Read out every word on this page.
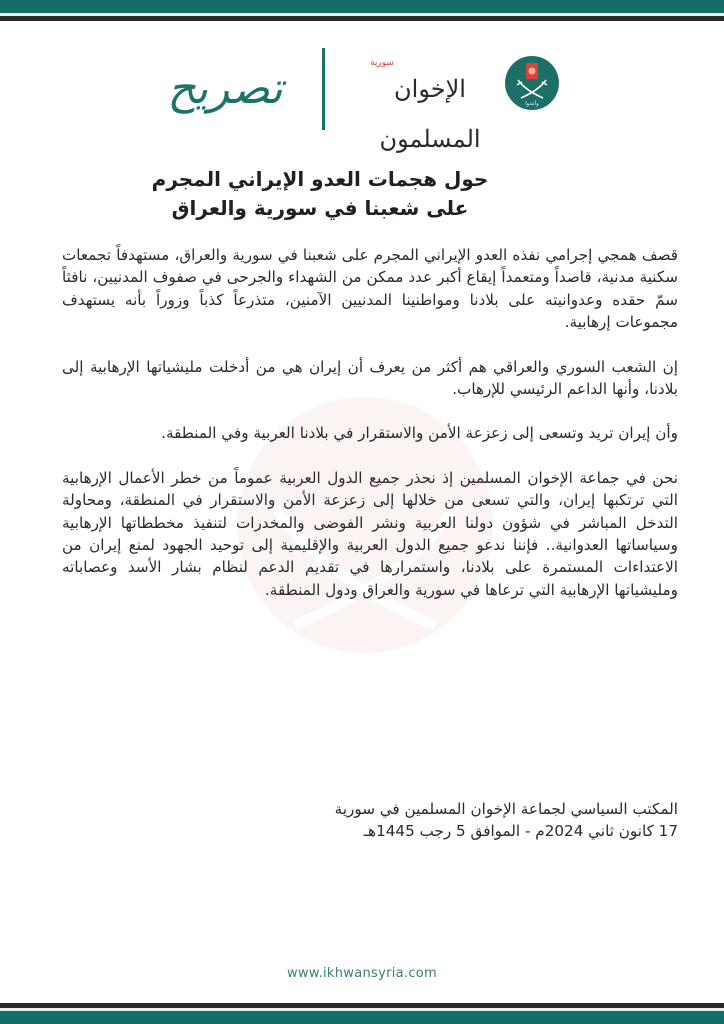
تصريح	سورية
الإخوان المسلمون
وأعدوا
حول هجمات العدو الإيراني المجرم
على شعبنا في سورية والعراق

قصف همجي إجرامي نفذه العدو الإيراني المجرم على شعبنا في سورية والعراق، مستهدفاً تجمعات سكنية مدنية، قاصداً ومتعمداً إيقاع أكبر عدد ممكن من الشهداء والجرحى في صفوف المدنيين، نافثاً سمّ حقده وعدوانيته على بلادنا ومواطنينا المدنيين الآمنين، متذرعاً كذباً وزوراً بأنه يستهدف مجموعات إرهابية.

إن الشعب السوري والعراقي هم أكثر من يعرف أن إيران هي من أدخلت مليشياتها الإرهابية إلى بلادنا، وأنها الداعم الرئيسي للإرهاب.

وأن إيران تريد وتسعى إلى زعزعة الأمن والاستقرار في بلادنا العربية وفي المنطقة.

نحن في جماعة الإخوان المسلمين إذ نحذر جميع الدول العربية عموماً من خطر الأعمال الإرهابية التي ترتكبها إيران، والتي تسعى من خلالها إلى زعزعة الأمن والاستقرار في المنطقة، ومحاولة التدخل المباشر في شؤون دولنا العربية ونشر الفوضى والمخدرات لتنفيذ مخططاتها الإرهابية وسياساتها العدوانية.. فإننا ندعو جميع الدول العربية والإقليمية إلى توحيد الجهود لمنع إيران من الاعتداءات المستمرة على بلادنا، واستمرارها في تقديم الدعم لنظام بشار الأسد وعصاباته ومليشياتها الإرهابية التي ترعاها في سورية والعراق ودول المنطقة.

المكتب السياسي لجماعة الإخوان المسلمين في سورية
17 كانون ثاني 2024م - الموافق 5 رجب 1445هـ
www.ikhwansyria.com
